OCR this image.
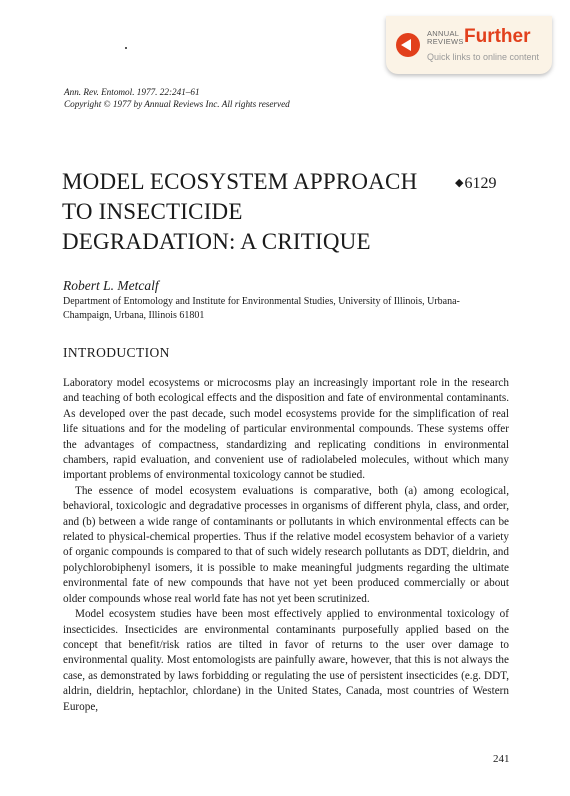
ANNUAL
REVIEWS Further
Quick links to online content
Ann. Rev. Entomol. 1977. 22:241–61
Copyright © 1977 by Annual Reviews Inc. All rights reserved
MODEL ECOSYSTEM APPROACH TO INSECTICIDE DEGRADATION: A CRITIQUE
◆6129
Robert L. Metcalf
Department of Entomology and Institute for Environmental Studies, University of Illinois, Urbana-Champaign, Urbana, Illinois 61801
INTRODUCTION

Laboratory model ecosystems or microcosms play an increasingly important role in the research and teaching of both ecological effects and the disposition and fate of environmental contaminants. As developed over the past decade, such model ecosystems provide for the simplification of real life situations and for the modeling of particular environmental compounds. These systems offer the advantages of compactness, standardizing and replicating conditions in environmental chambers, rapid evaluation, and convenient use of radiolabeled molecules, without which many important problems of environmental toxicology cannot be studied.

The essence of model ecosystem evaluations is comparative, both (a) among ecological, behavioral, toxicologic and degradative processes in organisms of different phyla, class, and order, and (b) between a wide range of contaminants or pollutants in which environmental effects can be related to physical-chemical properties. Thus if the relative model ecosystem behavior of a variety of organic compounds is compared to that of such widely research pollutants as DDT, dieldrin, and polychlorobiphenyl isomers, it is possible to make meaningful judgments regarding the ultimate environmental fate of new compounds that have not yet been produced commercially or about older compounds whose real world fate has not yet been scrutinized.

Model ecosystem studies have been most effectively applied to environmental toxicology of insecticides. Insecticides are environmental contaminants purposefully applied based on the concept that benefit/risk ratios are tilted in favor of returns to the user over damage to environmental quality. Most entomologists are painfully aware, however, that this is not always the case, as demonstrated by laws forbidding or regulating the use of persistent insecticides (e.g. DDT, aldrin, dieldrin, heptachlor, chlordane) in the United States, Canada, most countries of Western Europe,

241
